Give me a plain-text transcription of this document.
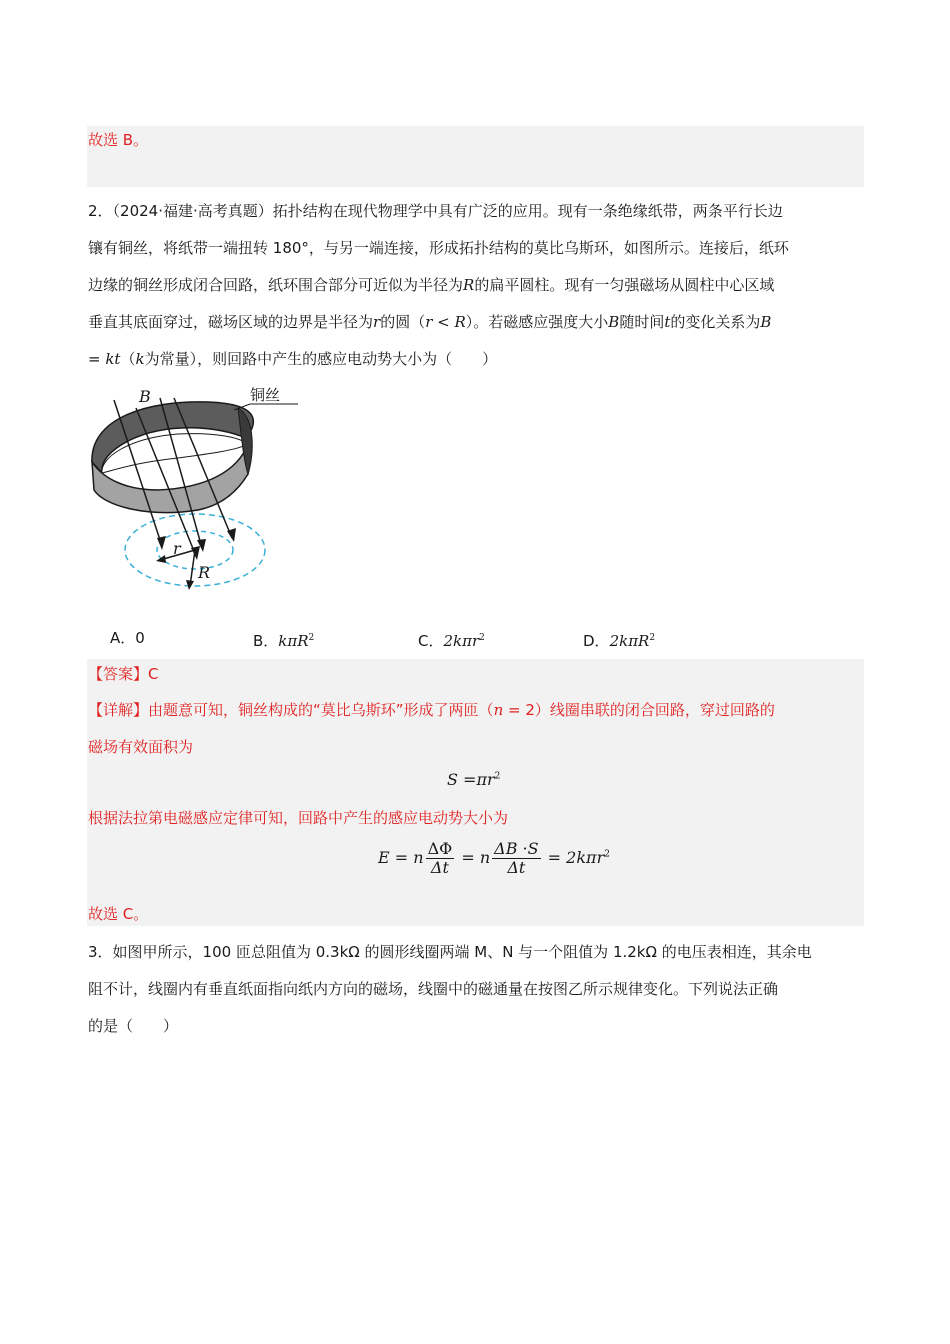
故选 B。
2．（2024·福建·高考真题）拓扑结构在现代物理学中具有广泛的应用。现有一条绝缘纸带，两条平行长边
镶有铜丝，将纸带一端扭转 180°，与另一端连接，形成拓扑结构的莫比乌斯环，如图所示。连接后，纸环
边缘的铜丝形成闭合回路，纸环围合部分可近似为半径为R的扁平圆柱。现有一匀强磁场从圆柱中心区域
垂直其底面穿过，磁场区域的边界是半径为r的圆（r < R）。若磁感应强度大小B随时间t的变化关系为B
= kt（k为常量），则回路中产生的感应电动势大小为（　　）
铜丝
B
r
R
A．0	B．kπR$^2$	C．2kπr$^2$	D．2kπR$^2$
【答案】C
【详解】由题意可知，铜丝构成的“莫比乌斯环”形成了两匝（n = 2）线圈串联的闭合回路，穿过回路的
磁场有效面积为
$S =\pi r^2$
根据法拉第电磁感应定律可知，回路中产生的感应电动势大小为
E = n $\frac{\Delta\Phi}{\Delta t} = n \frac{\Delta B \cdot S}{\Delta t} = 2k\pi r^2$
故选 C。
3．如图甲所示，100 匝总阻值为 0.3kΩ 的圆形线圈两端 M、N 与一个阻值为 1.2kΩ 的电压表相连，其余电
阻不计，线圈内有垂直纸面指向纸内方向的磁场，线圈中的磁通量在按图乙所示规律变化。下列说法正确
的是（　　）
